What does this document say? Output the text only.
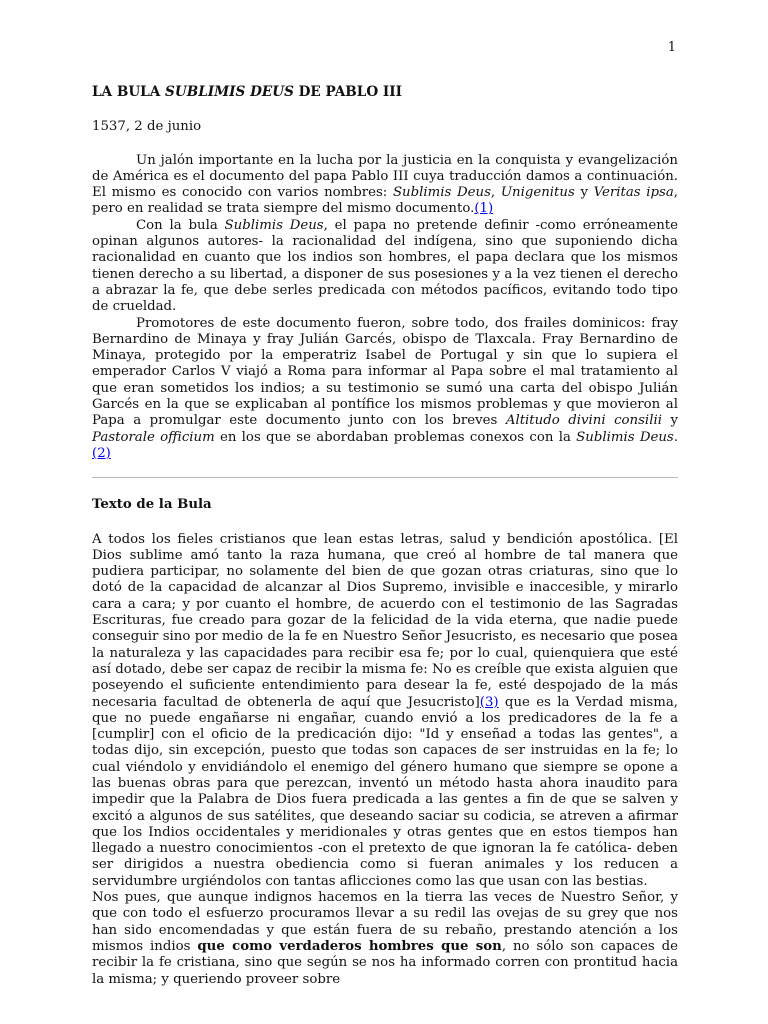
1
LA BULA SUBLIMIS DEUS DE PABLO III
1537, 2 de junio

Un jalón importante en la lucha por la justicia en la conquista y evangelización de América es el documento del papa Pablo III cuya traducción damos a continuación. El mismo es conocido con varios nombres: Sublimis Deus, Unigenitus y Veritas ipsa, pero en realidad se trata siempre del mismo documento.(1)

Con la bula Sublimis Deus, el papa no pretende definir -como erróneamente opinan algunos autores- la racionalidad del indígena, sino que suponiendo dicha racionalidad en cuanto que los indios son hombres, el papa declara que los mismos tienen derecho a su libertad, a disponer de sus posesiones y a la vez tienen el derecho a abrazar la fe, que debe serles predicada con métodos pacíficos, evitando todo tipo de crueldad.

Promotores de este documento fueron, sobre todo, dos frailes dominicos: fray Bernardino de Minaya y fray Julián Garcés, obispo de Tlaxcala. Fray Bernardino de Minaya, protegido por la emperatriz Isabel de Portugal y sin que lo supiera el emperador Carlos V viajó a Roma para informar al Papa sobre el mal tratamiento al que eran sometidos los indios; a su testimonio se sumó una carta del obispo Julián Garcés en la que se explicaban al pontífice los mismos problemas y que movieron al Papa a promulgar este documento junto con los breves Altitudo divini consilii y Pastorale officium en los que se abordaban problemas conexos con la Sublimis Deus.(2)

Texto de la Bula

A todos los fieles cristianos que lean estas letras, salud y bendición apostólica. [El Dios sublime amó tanto la raza humana, que creó al hombre de tal manera que pudiera participar, no solamente del bien de que gozan otras criaturas, sino que lo dotó de la capacidad de alcanzar al Dios Supremo, invisible e inaccesible, y mirarlo cara a cara; y por cuanto el hombre, de acuerdo con el testimonio de las Sagradas Escrituras, fue creado para gozar de la felicidad de la vida eterna, que nadie puede conseguir sino por medio de la fe en Nuestro Señor Jesucristo, es necesario que posea la naturaleza y las capacidades para recibir esa fe; por lo cual, quienquiera que esté así dotado, debe ser capaz de recibir la misma fe: No es creíble que exista alguien que poseyendo el suficiente entendimiento para desear la fe, esté despojado de la más necesaria facultad de obtenerla de aquí que Jesucristo](3) que es la Verdad misma, que no puede engañarse ni engañar, cuando envió a los predicadores de la fe a [cumplir] con el oficio de la predicación dijo: "Id y enseñad a todas las gentes", a todas dijo, sin excepción, puesto que todas son capaces de ser instruidas en la fe; lo cual viéndolo y envidiándolo el enemigo del género humano que siempre se opone a las buenas obras para que perezcan, inventó un método hasta ahora inaudito para impedir que la Palabra de Dios fuera predicada a las gentes a fin de que se salven y excitó a algunos de sus satélites, que deseando saciar su codicia, se atreven a afirmar que los Indios occidentales y meridionales y otras gentes que en estos tiempos han llegado a nuestro conocimientos -con el pretexto de que ignoran la fe católica- deben ser dirigidos a nuestra obediencia como si fueran animales y los reducen a servidumbre urgiéndolos con tantas aflicciones como las que usan con las bestias.

Nos pues, que aunque indignos hacemos en la tierra las veces de Nuestro Señor, y que con todo el esfuerzo procuramos llevar a su redil las ovejas de su grey que nos han sido encomendadas y que están fuera de su rebaño, prestando atención a los mismos indios que como verdaderos hombres que son, no sólo son capaces de recibir la fe cristiana, sino que según se nos ha informado corren con prontitud hacia la misma; y queriendo proveer sobre
